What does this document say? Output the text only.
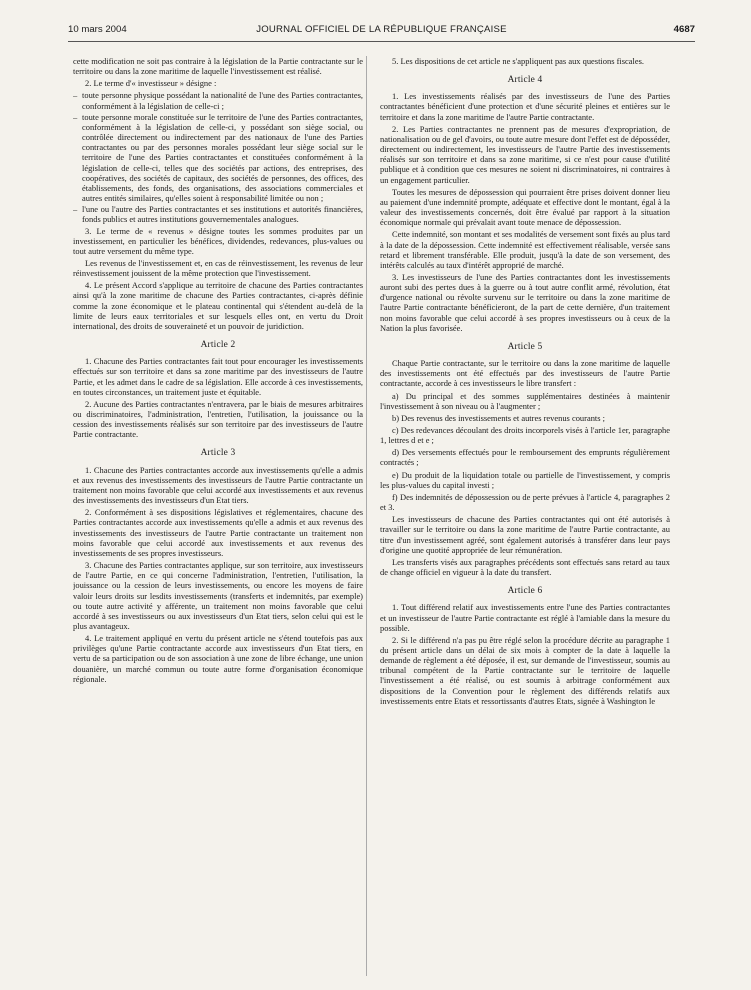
10 mars 2004	JOURNAL OFFICIEL DE LA RÉPUBLIQUE FRANÇAISE	4687

cette modification ne soit pas contraire à la législation de la Partie contractante sur le territoire ou dans la zone maritime de laquelle l'investissement est réalisé.

2. Le terme d'« investisseur » désigne :

– toute personne physique possédant la nationalité de l'une des Parties contractantes, conformément à la législation de celle-ci ;
– toute personne morale constituée sur le territoire de l'une des Parties contractantes, conformément à la législation de celle-ci, y possédant son siège social, ou contrôlée directement ou indirectement par des nationaux de l'une des Parties contractantes ou par des personnes morales possédant leur siège social sur le territoire de l'une des Parties contractantes et constituées conformément à la législation de celle-ci, telles que des sociétés par actions, des entreprises, des coopératives, des sociétés de capitaux, des sociétés de personnes, des offices, des établissements, des fonds, des organisations, des associations commerciales et autres entités similaires, qu'elles soient à responsabilité limitée ou non ;
– l'une ou l'autre des Parties contractantes et ses institutions et autorités financières, fonds publics et autres institutions gouvernementales analogues.

3. Le terme de « revenus » désigne toutes les sommes produites par un investissement, en particulier les bénéfices, dividendes, redevances, plus-values ou tout autre versement du même type.

Les revenus de l'investissement et, en cas de réinvestissement, les revenus de leur réinvestissement jouissent de la même protection que l'investissement.

4. Le présent Accord s'applique au territoire de chacune des Parties contractantes ainsi qu'à la zone maritime de chacune des Parties contractantes, ci-après définie comme la zone économique et le plateau continental qui s'étendent au-delà de la limite de leurs eaux territoriales et sur lesquels elles ont, en vertu du Droit international, des droits de souveraineté et un pouvoir de juridiction.

Article 2

1. Chacune des Parties contractantes fait tout pour encourager les investissements effectués sur son territoire et dans sa zone maritime par des investisseurs de l'autre Partie, et les admet dans le cadre de sa législation. Elle accorde à ces investissements, en toutes circonstances, un traitement juste et équitable.

2. Aucune des Parties contractantes n'entravera, par le biais de mesures arbitraires ou discriminatoires, l'administration, l'entretien, l'utilisation, la jouissance ou la cession des investissements réalisés sur son territoire par des investisseurs de l'autre Partie contractante.

Article 3

1. Chacune des Parties contractantes accorde aux investissements qu'elle a admis et aux revenus des investissements des investisseurs de l'autre Partie contractante un traitement non moins favorable que celui accordé aux investissements et aux revenus des investissements des investisseurs d'un Etat tiers.

2. Conformément à ses dispositions législatives et réglementaires, chacune des Parties contractantes accorde aux investissements qu'elle a admis et aux revenus des investissements des investisseurs de l'autre Partie contractante un traitement non moins favorable que celui accordé aux investissements et aux revenus des investissements de ses propres investisseurs.

3. Chacune des Parties contractantes applique, sur son territoire, aux investisseurs de l'autre Partie, en ce qui concerne l'administration, l'entretien, l'utilisation, la jouissance ou la cession de leurs investissements, ou encore les moyens de faire valoir leurs droits sur lesdits investissements (transferts et indemnités, par exemple) ou toute autre activité y afférente, un traitement non moins favorable que celui accordé à ses investisseurs ou aux investisseurs d'un Etat tiers, selon celui qui est le plus avantageux.

4. Le traitement appliqué en vertu du présent article ne s'étend toutefois pas aux privilèges qu'une Partie contractante accorde aux investisseurs d'un Etat tiers, en vertu de sa participation ou de son association à une zone de libre échange, une union douanière, un marché commun ou toute autre forme d'organisation économique régionale.

5. Les dispositions de cet article ne s'appliquent pas aux questions fiscales.

Article 4

1. Les investissements réalisés par des investisseurs de l'une des Parties contractantes bénéficient d'une protection et d'une sécurité pleines et entières sur le territoire et dans la zone maritime de l'autre Partie contractante.

2. Les Parties contractantes ne prennent pas de mesures d'expropriation, de nationalisation ou de gel d'avoirs, ou toute autre mesure dont l'effet est de déposséder, directement ou indirectement, les investisseurs de l'autre Partie des investissements réalisés sur son territoire et dans sa zone maritime, si ce n'est pour cause d'utilité publique et à condition que ces mesures ne soient ni discriminatoires, ni contraires à un engagement particulier.

Toutes les mesures de dépossession qui pourraient être prises doivent donner lieu au paiement d'une indemnité prompte, adéquate et effective dont le montant, égal à la valeur des investissements concernés, doit être évalué par rapport à la situation économique normale qui prévalait avant toute menace de dépossession.

Cette indemnité, son montant et ses modalités de versement sont fixés au plus tard à la date de la dépossession. Cette indemnité est effectivement réalisable, versée sans retard et librement transférable. Elle produit, jusqu'à la date de son versement, des intérêts calculés au taux d'intérêt approprié de marché.

3. Les investisseurs de l'une des Parties contractantes dont les investissements auront subi des pertes dues à la guerre ou à tout autre conflit armé, révolution, état d'urgence national ou révolte survenu sur le territoire ou dans la zone maritime de l'autre Partie contractante bénéficieront, de la part de cette dernière, d'un traitement non moins favorable que celui accordé à ses propres investisseurs ou à ceux de la Nation la plus favorisée.

Article 5

Chaque Partie contractante, sur le territoire ou dans la zone maritime de laquelle des investissements ont été effectués par des investisseurs de l'autre Partie contractante, accorde à ces investisseurs le libre transfert :

a) Du principal et des sommes supplémentaires destinées à maintenir l'investissement à son niveau ou à l'augmenter ;

b) Des revenus des investissements et autres revenus courants ;

c) Des redevances découlant des droits incorporels visés à l'article 1er, paragraphe 1, lettres d et e ;

d) Des versements effectués pour le remboursement des emprunts régulièrement contractés ;

e) Du produit de la liquidation totale ou partielle de l'investissement, y compris les plus-values du capital investi ;

f) Des indemnités de dépossession ou de perte prévues à l'article 4, paragraphes 2 et 3.

Les investisseurs de chacune des Parties contractantes qui ont été autorisés à travailler sur le territoire ou dans la zone maritime de l'autre Partie contractante, au titre d'un investissement agréé, sont également autorisés à transférer dans leur pays d'origine une quotité appropriée de leur rémunération.

Les transferts visés aux paragraphes précédents sont effectués sans retard au taux de change officiel en vigueur à la date du transfert.

Article 6

1. Tout différend relatif aux investissements entre l'une des Parties contractantes et un investisseur de l'autre Partie contractante est réglé à l'amiable dans la mesure du possible.

2. Si le différend n'a pas pu être réglé selon la procédure décrite au paragraphe 1 du présent article dans un délai de six mois à compter de la date à laquelle la demande de règlement a été déposée, il est, sur demande de l'investisseur, soumis au tribunal compétent de la Partie contractante sur le territoire de laquelle l'investissement a été réalisé, ou est soumis à arbitrage conformément aux dispositions de la Convention pour le règlement des différends relatifs aux investissements entre Etats et ressortissants d'autres Etats, signée à Washington le
